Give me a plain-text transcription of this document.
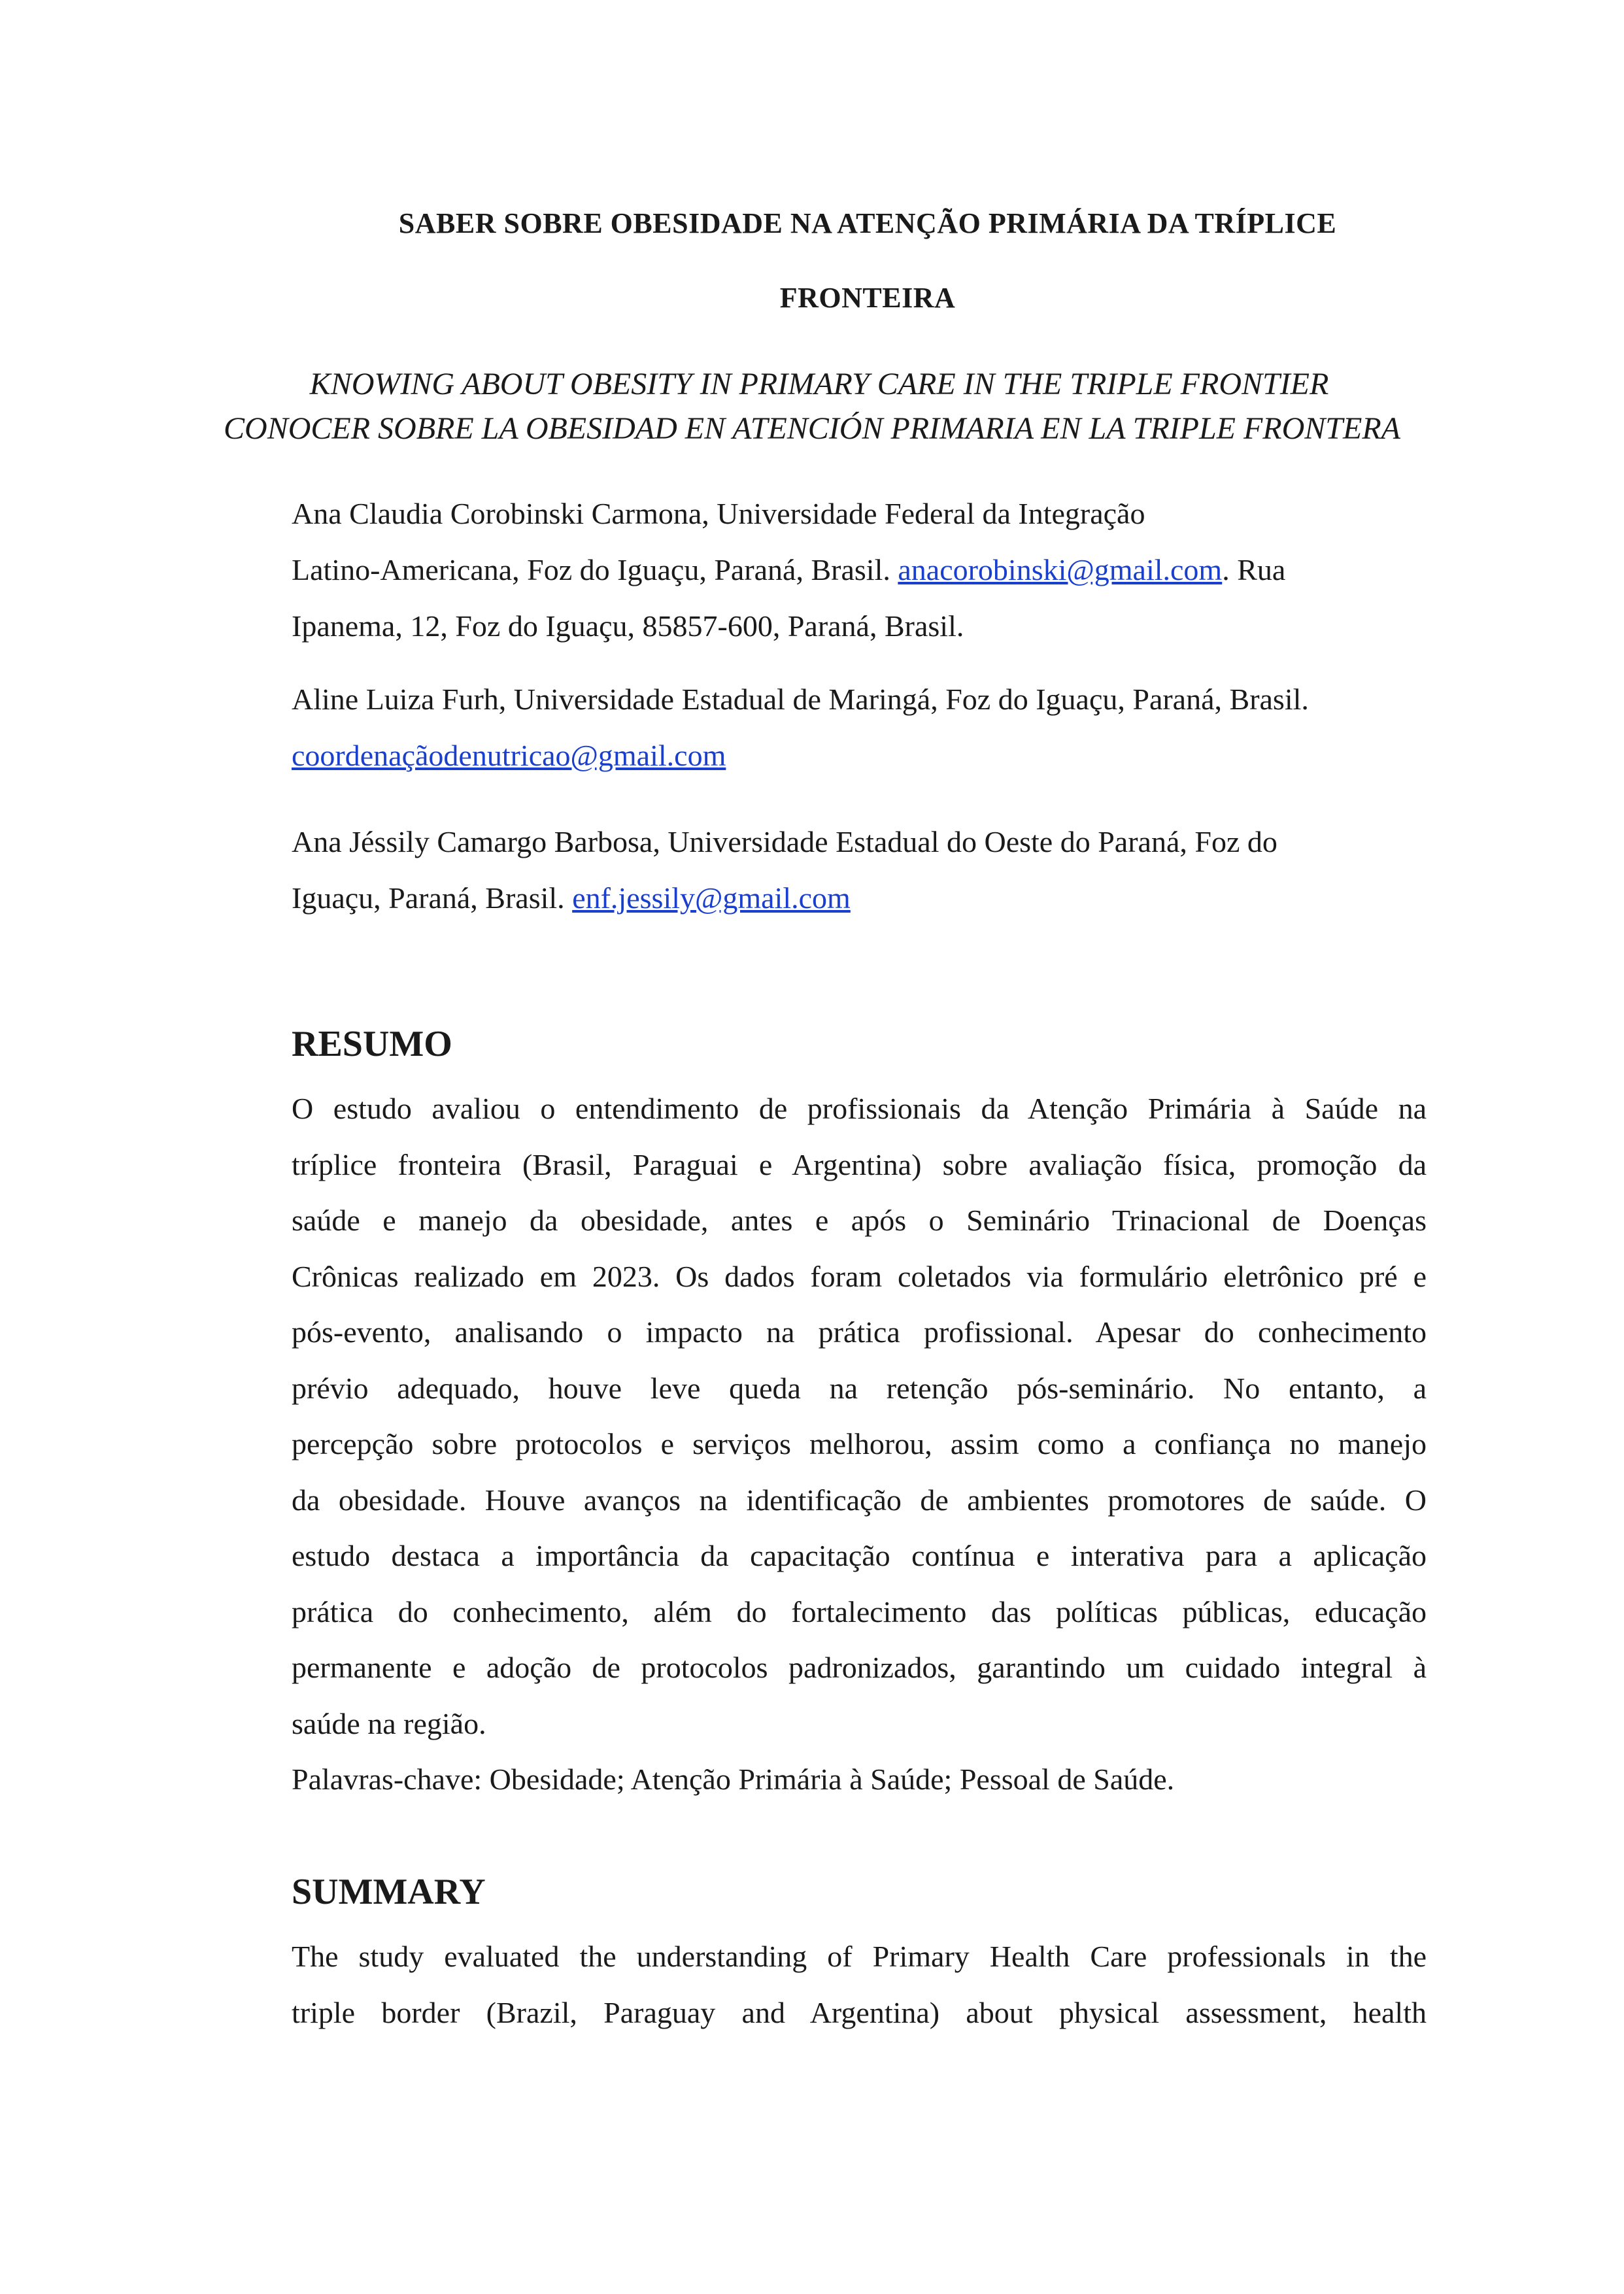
SABER SOBRE OBESIDADE NA ATENÇÃO PRIMÁRIA DA TRÍPLICE
FRONTEIRA
KNOWING ABOUT OBESITY IN PRIMARY CARE IN THE TRIPLE FRONTIER
CONOCER SOBRE LA OBESIDAD EN ATENCIÓN PRIMARIA EN LA TRIPLE FRONTERA
Ana Claudia Corobinski Carmona, Universidade Federal da Integração
Latino-Americana, Foz do Iguaçu, Paraná, Brasil. anacorobinski@gmail.com. Rua
Ipanema, 12, Foz do Iguaçu, 85857-600, Paraná, Brasil.
Aline Luiza Furh, Universidade Estadual de Maringá, Foz do Iguaçu, Paraná, Brasil.
coordenaçãodenutricao@gmail.com
Ana Jéssily Camargo Barbosa, Universidade Estadual do Oeste do Paraná, Foz do
Iguaçu, Paraná, Brasil. enf.jessily@gmail.com
RESUMO
O estudo avaliou o entendimento de profissionais da Atenção Primária à Saúde na
tríplice fronteira (Brasil, Paraguai e Argentina) sobre avaliação física, promoção da
saúde e manejo da obesidade, antes e após o Seminário Trinacional de Doenças
Crônicas realizado em 2023. Os dados foram coletados via formulário eletrônico pré e
pós-evento, analisando o impacto na prática profissional. Apesar do conhecimento
prévio adequado, houve leve queda na retenção pós-seminário. No entanto, a
percepção sobre protocolos e serviços melhorou, assim como a confiança no manejo
da obesidade. Houve avanços na identificação de ambientes promotores de saúde. O
estudo destaca a importância da capacitação contínua e interativa para a aplicação
prática do conhecimento, além do fortalecimento das políticas públicas, educação
permanente e adoção de protocolos padronizados, garantindo um cuidado integral à
saúde na região.
Palavras-chave: Obesidade; Atenção Primária à Saúde; Pessoal de Saúde.
SUMMARY
The study evaluated the understanding of Primary Health Care professionals in the
triple border (Brazil, Paraguay and Argentina) about physical assessment, health
